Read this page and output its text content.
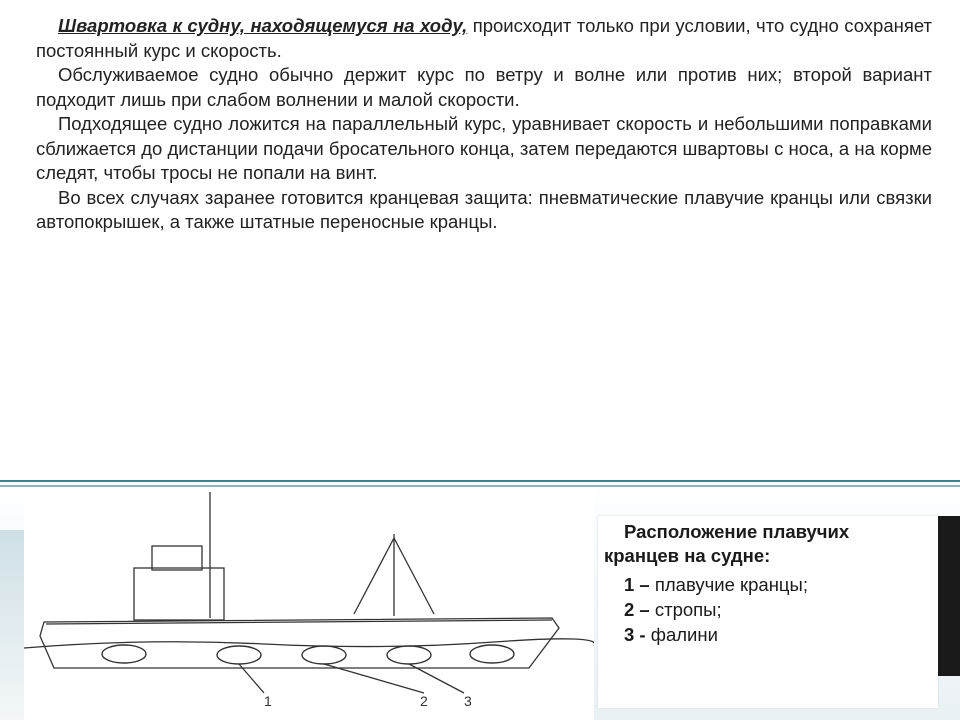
Швартовка к судну, находящемуся на ходу, происходит только при условии, что судно сохраняет постоянный курс и скорость.

Обслуживаемое судно обычно держит курс по ветру и волне или против них; второй вариант подходит лишь при слабом волнении и малой скорости.

Подходящее судно ложится на параллельный курс, уравнивает скорость и небольшими поправками сближается до дистанции подачи бросательного конца, затем передаются швартовы с носа, а на корме следят, чтобы тросы не попали на винт.

Во всех случаях заранее готовится кранцевая защита: пневматические плавучие кранцы или связки автопокрышек, а также штатные переносные кранцы.

1	2	3
Расположение плавучих
кранцев на судне:
1 – плавучие кранцы;
2 – стропы;
3 - фалини
